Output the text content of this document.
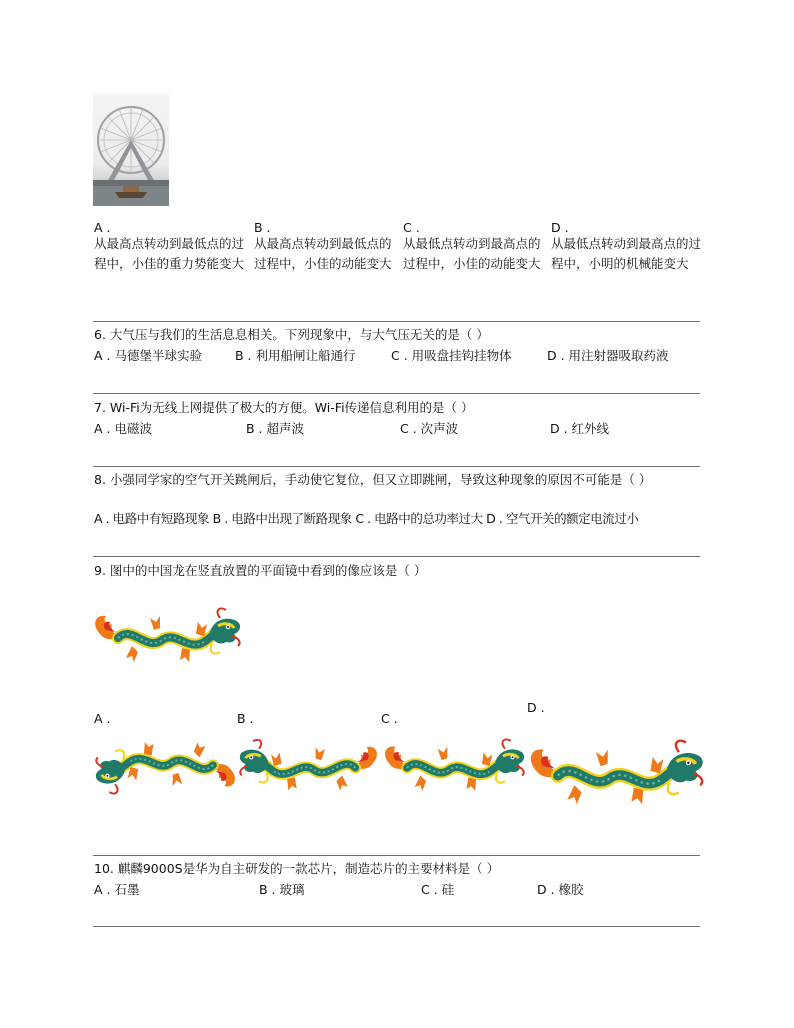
A .
从最高点转动到最低点的过程中，小佳的重力势能变大
B .
从最高点转动到最低点的过程中，小佳的动能变大
C .
从最低点转动到最高点的过程中，小佳的动能变大
D .
从最低点转动到最高点的过程中，小明的机械能变大
6. 大气压与我们的生活息息相关。下列现象中，与大气压无关的是（ ）
A . 马德堡半球实验	B . 利用船闸让船通行	C . 用吸盘挂钩挂物体	D . 用注射器吸取药液
7. Wi-Fi为无线上网提供了极大的方便。Wi-Fi传递信息利用的是（ ）
A . 电磁波	B . 超声波	C . 次声波	D . 红外线
8. 小强同学家的空气开关跳闸后，手动使它复位，但又立即跳闸，导致这种现象的原因不可能是（ ）
A . 电路中有短路现象 B . 电路中出现了断路现象 C . 电路中的总功率过大 D . 空气开关的额定电流过小
9. 图中的中国龙在竖直放置的平面镜中看到的像应该是（ ）
A .	B .	C .
D .
10. 麒麟9000S是华为自主研发的一款芯片，制造芯片的主要材料是（ ）
A . 石墨	B . 玻璃	C . 硅	D . 橡胶
